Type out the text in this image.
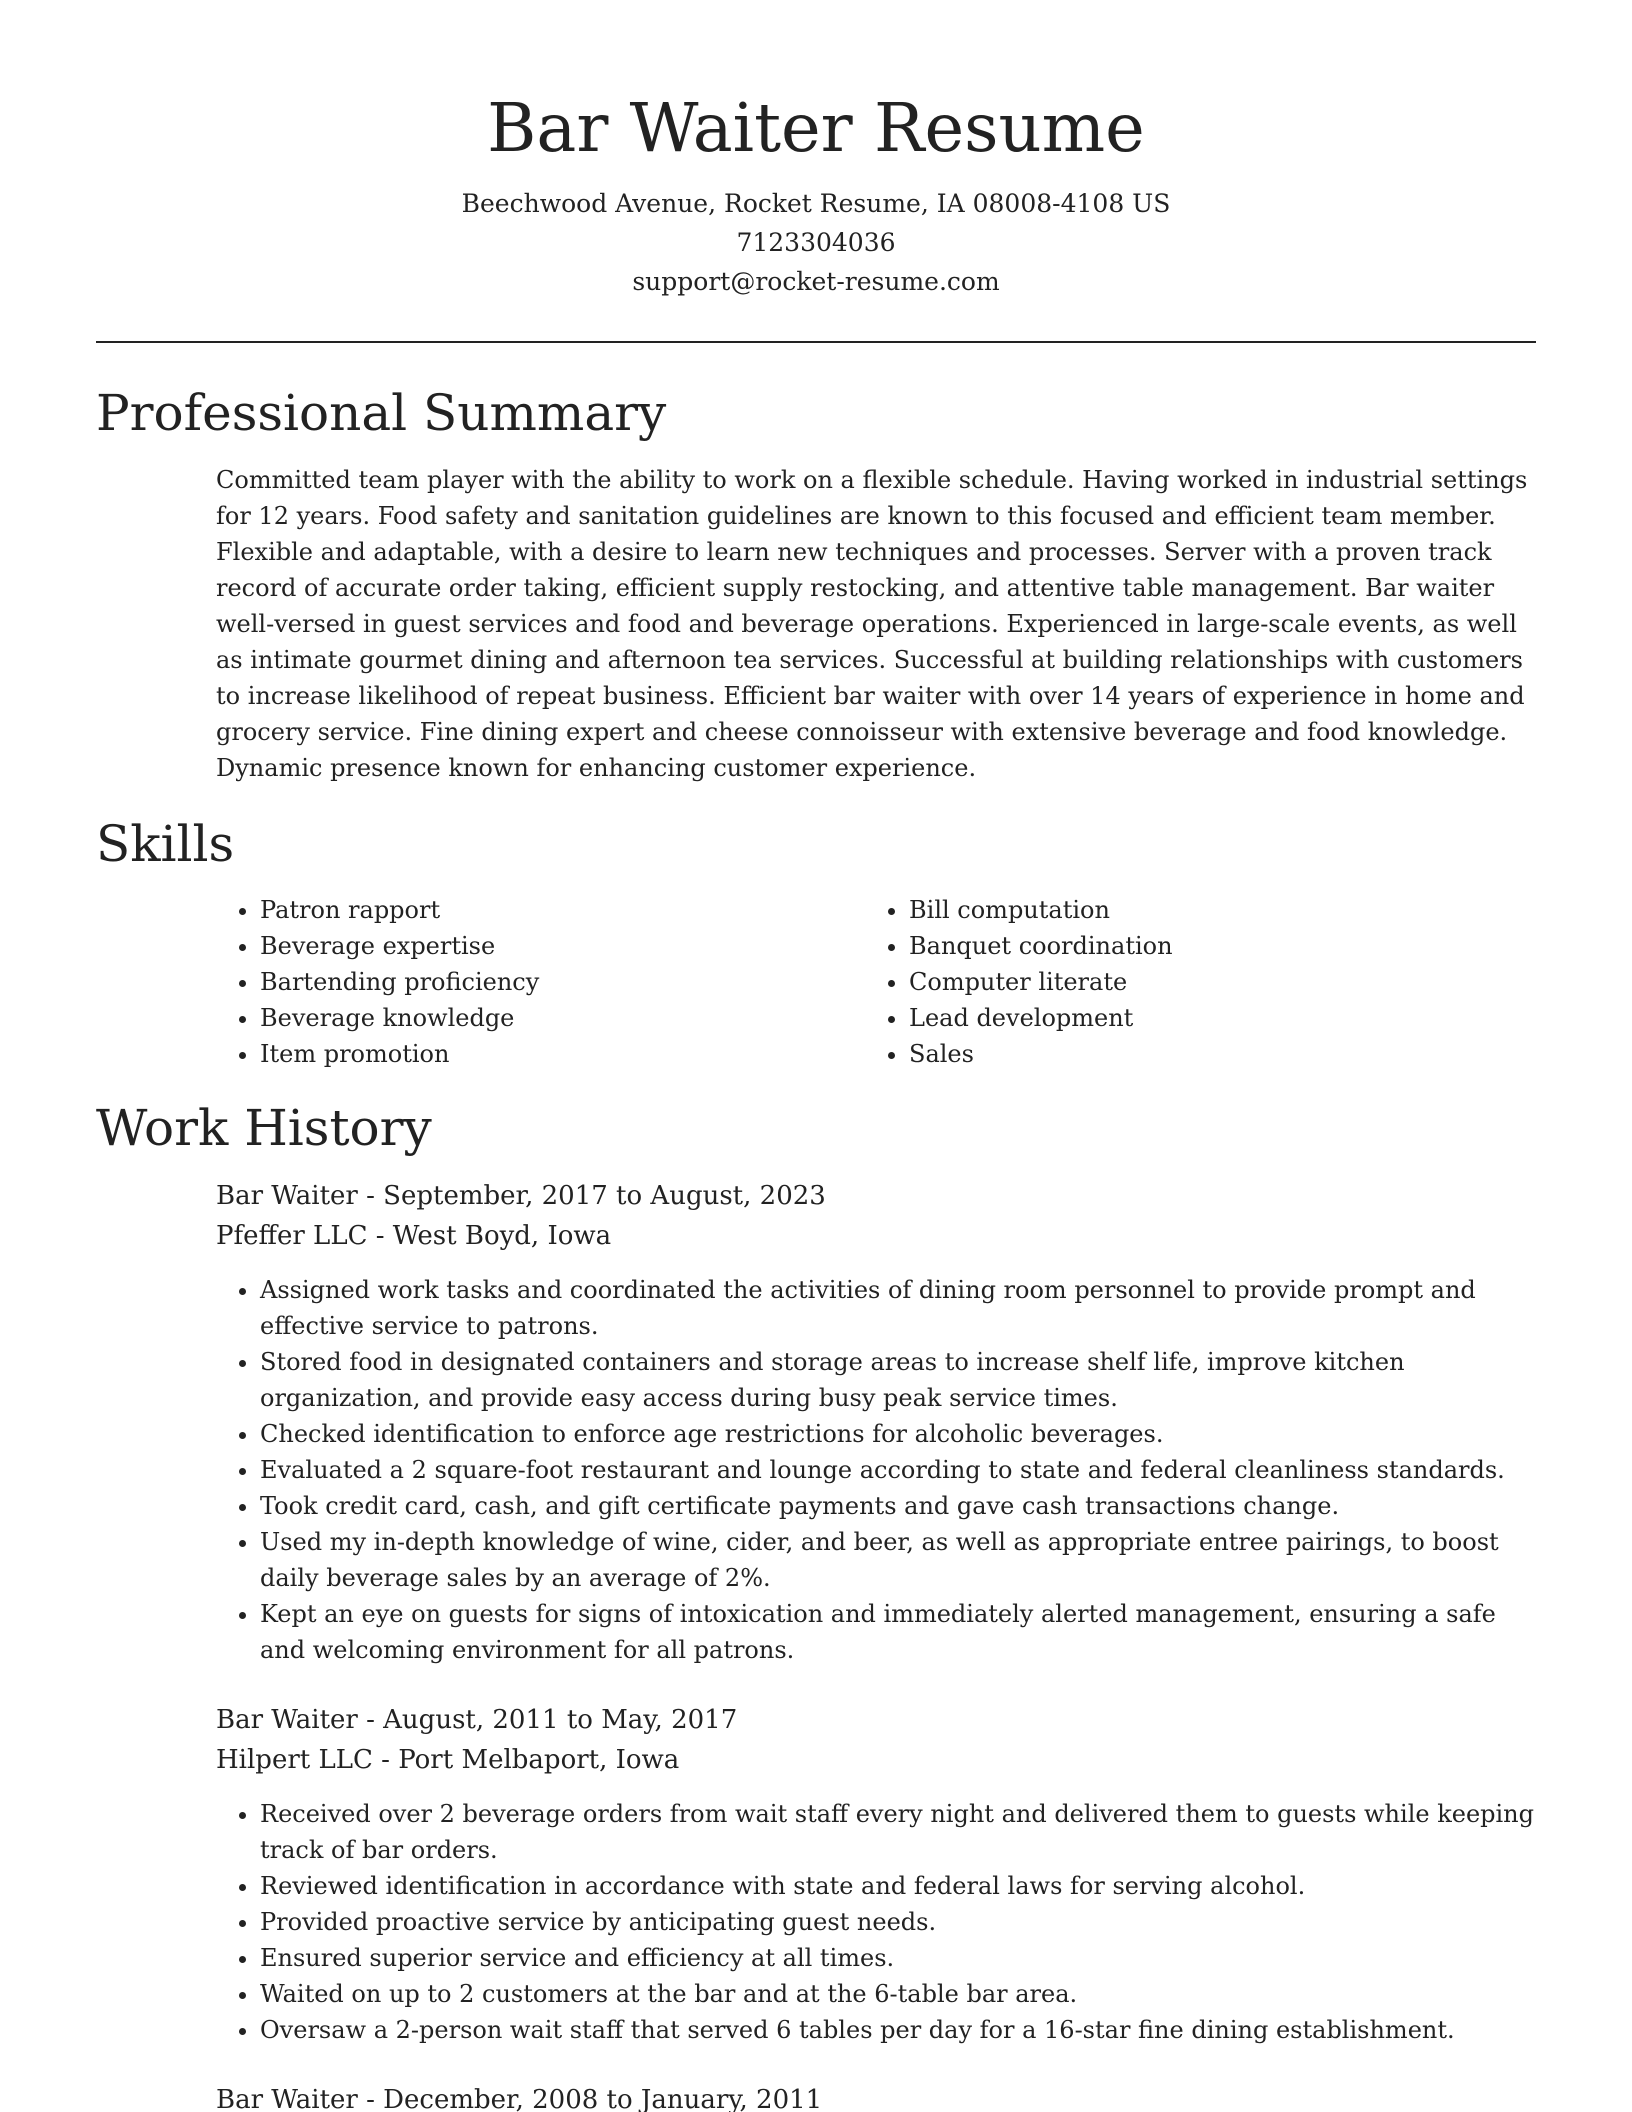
Bar Waiter Resume
Beechwood Avenue, Rocket Resume, IA 08008-4108 US
7123304036
support@rocket-resume.com
Professional Summary

Committed team player with the ability to work on a flexible schedule. Having worked in industrial settings for 12 years. Food safety and sanitation guidelines are known to this focused and efficient team member. Flexible and adaptable, with a desire to learn new techniques and processes. Server with a proven track record of accurate order taking, efficient supply restocking, and attentive table management. Bar waiter well-versed in guest services and food and beverage operations. Experienced in large-scale events, as well as intimate gourmet dining and afternoon tea services. Successful at building relationships with customers to increase likelihood of repeat business. Efficient bar waiter with over 14 years of experience in home and grocery service. Fine dining expert and cheese connoisseur with extensive beverage and food knowledge. Dynamic presence known for enhancing customer experience.

Skills
• Patron rapport
• Beverage expertise
• Bartending proficiency
• Beverage knowledge
• Item promotion
• Bill computation
• Banquet coordination
• Computer literate
• Lead development
• Sales
Work History
Bar Waiter - September, 2017 to August, 2023
Pfeffer LLC - West Boyd, Iowa
• Assigned work tasks and coordinated the activities of dining room personnel to provide prompt and effective service to patrons.
• Stored food in designated containers and storage areas to increase shelf life, improve kitchen organization, and provide easy access during busy peak service times.
• Checked identification to enforce age restrictions for alcoholic beverages.
• Evaluated a 2 square-foot restaurant and lounge according to state and federal cleanliness standards.
• Took credit card, cash, and gift certificate payments and gave cash transactions change.
• Used my in-depth knowledge of wine, cider, and beer, as well as appropriate entree pairings, to boost daily beverage sales by an average of 2%.
• Kept an eye on guests for signs of intoxication and immediately alerted management, ensuring a safe and welcoming environment for all patrons.
Bar Waiter - August, 2011 to May, 2017
Hilpert LLC - Port Melbaport, Iowa
• Received over 2 beverage orders from wait staff every night and delivered them to guests while keeping track of bar orders.
• Reviewed identification in accordance with state and federal laws for serving alcohol.
• Provided proactive service by anticipating guest needs.
• Ensured superior service and efficiency at all times.
• Waited on up to 2 customers at the bar and at the 6-table bar area.
• Oversaw a 2-person wait staff that served 6 tables per day for a 16-star fine dining establishment.
Bar Waiter - December, 2008 to January, 2011
